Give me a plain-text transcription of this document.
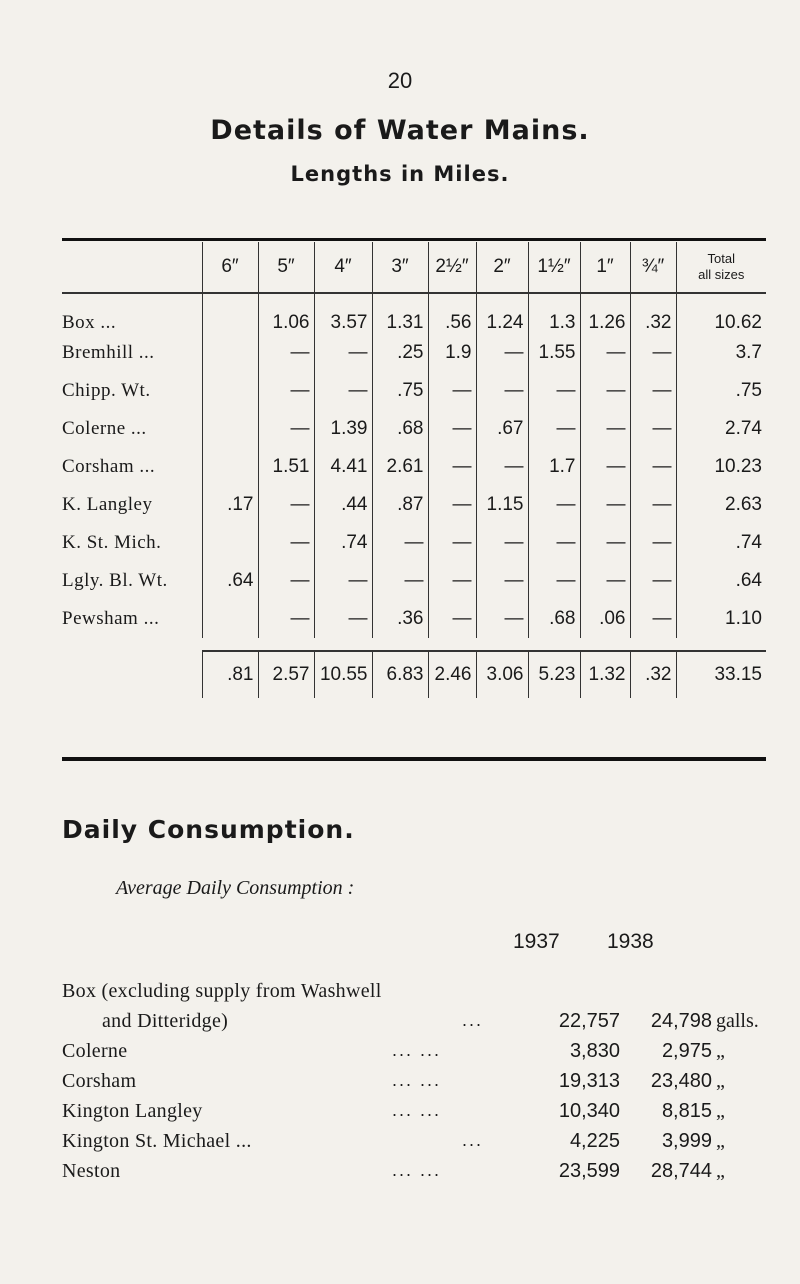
20
Details of Water Mains.
Lengths in Miles.
	6″	5″	4″	3″	2½″	2″	1½″	1″	¾″	Total
all sizes
Box ...		1.06	3.57	1.31	.56	1.24	1.3	1.26	.32	10.62
Bremhill ...		—	—	.25	1.9	—	1.55	—	—	3.7
Chipp. Wt.		—	—	.75	—	—	—	—	—	.75
Colerne ...		—	1.39	.68	—	.67	—	—	—	2.74
Corsham ...		1.51	4.41	2.61	—	—	1.7	—	—	10.23
K. Langley	.17	—	.44	.87	—	1.15	—	—	—	2.63
K. St. Mich.		—	.74	—	—	—	—	—	—	.74
Lgly. Bl. Wt.	.64	—	—	—	—	—	—	—	—	.64
Pewsham ...		—	—	.36	—	—	.68	.06	—	1.10

	.81	2.57	10.55	6.83	2.46	3.06	5.23	1.32	.32	33.15
Daily Consumption.
Average Daily Consumption :
1937 1938
Box (excluding supply from Washwell
and Ditteridge)	...	22,757 24,798 galls.
Colerne	... ...	3,830 2,975 „
Corsham	... ...	19,313 23,480 „
Kington Langley	... ...	10,340 8,815 „
Kington St. Michael ...	...	4,225 3,999 „
Neston	... ...	23,599 28,744 „
